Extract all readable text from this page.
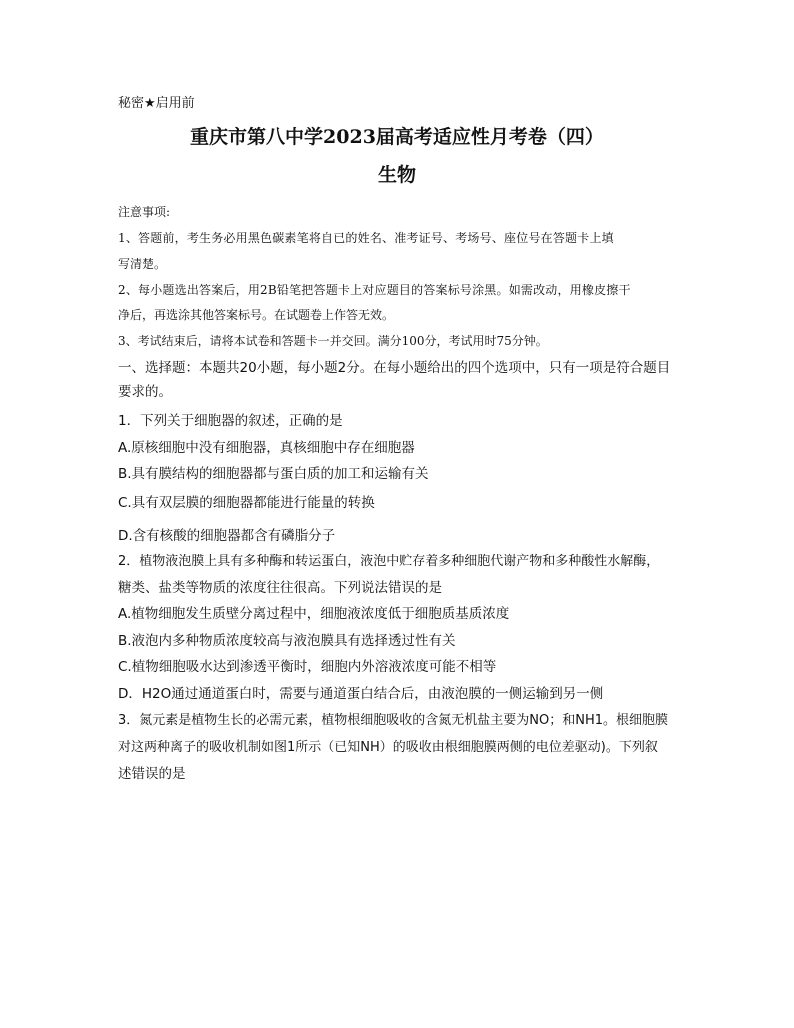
秘密★启用前
重庆市第八中学2023届高考适应性月考卷（四）
生物
注意事项:
1、答题前，考生务必用黑色碳素笔将自已的姓名、准考证号、考场号、座位号在答题卡上填
写清楚。
2、每小题选出答案后，用2B铅笔把答题卡上对应题目的答案标号涂黑。如需改动，用橡皮擦干
净后，再选涂其他答案标号。在试题卷上作答无效。
3、考试结束后，请将本试卷和答题卡一并交回。满分100分，考试用时75分钟。
一、选择题：本题共20小题，每小题2分。在每小题给出的四个选项中，只有一项是符合题目
要求的。
1．下列关于细胞器的叙述，正确的是
A.原核细胞中没有细胞器，真核细胞中存在细胞器
B.具有膜结构的细胞器都与蛋白质的加工和运输有关
C.具有双层膜的细胞器都能进行能量的转换
D.含有核酸的细胞器都含有磷脂分子
2．植物液泡膜上具有多种酶和转运蛋白，液泡中贮存着多种细胞代谢产物和多种酸性水解酶，
糖类、盐类等物质的浓度往往很高。下列说法错误的是
A.植物细胞发生质壁分离过程中，细胞液浓度低于细胞质基质浓度
B.液泡内多种物质浓度较高与液泡膜具有选择透过性有关
C.植物细胞吸水达到渗透平衡时，细胞内外溶液浓度可能不相等
D．H2O通过通道蛋白时，需要与通道蛋白结合后，由液泡膜的一侧运输到另一侧
3．氮元素是植物生长的必需元素，植物根细胞吸收的含氮无机盐主要为NO；和NH1。根细胞膜
对这两种离子的吸收机制如图1所示（已知NH）的吸收由根细胞膜两侧的电位差驱动)。下列叙
述错误的是
